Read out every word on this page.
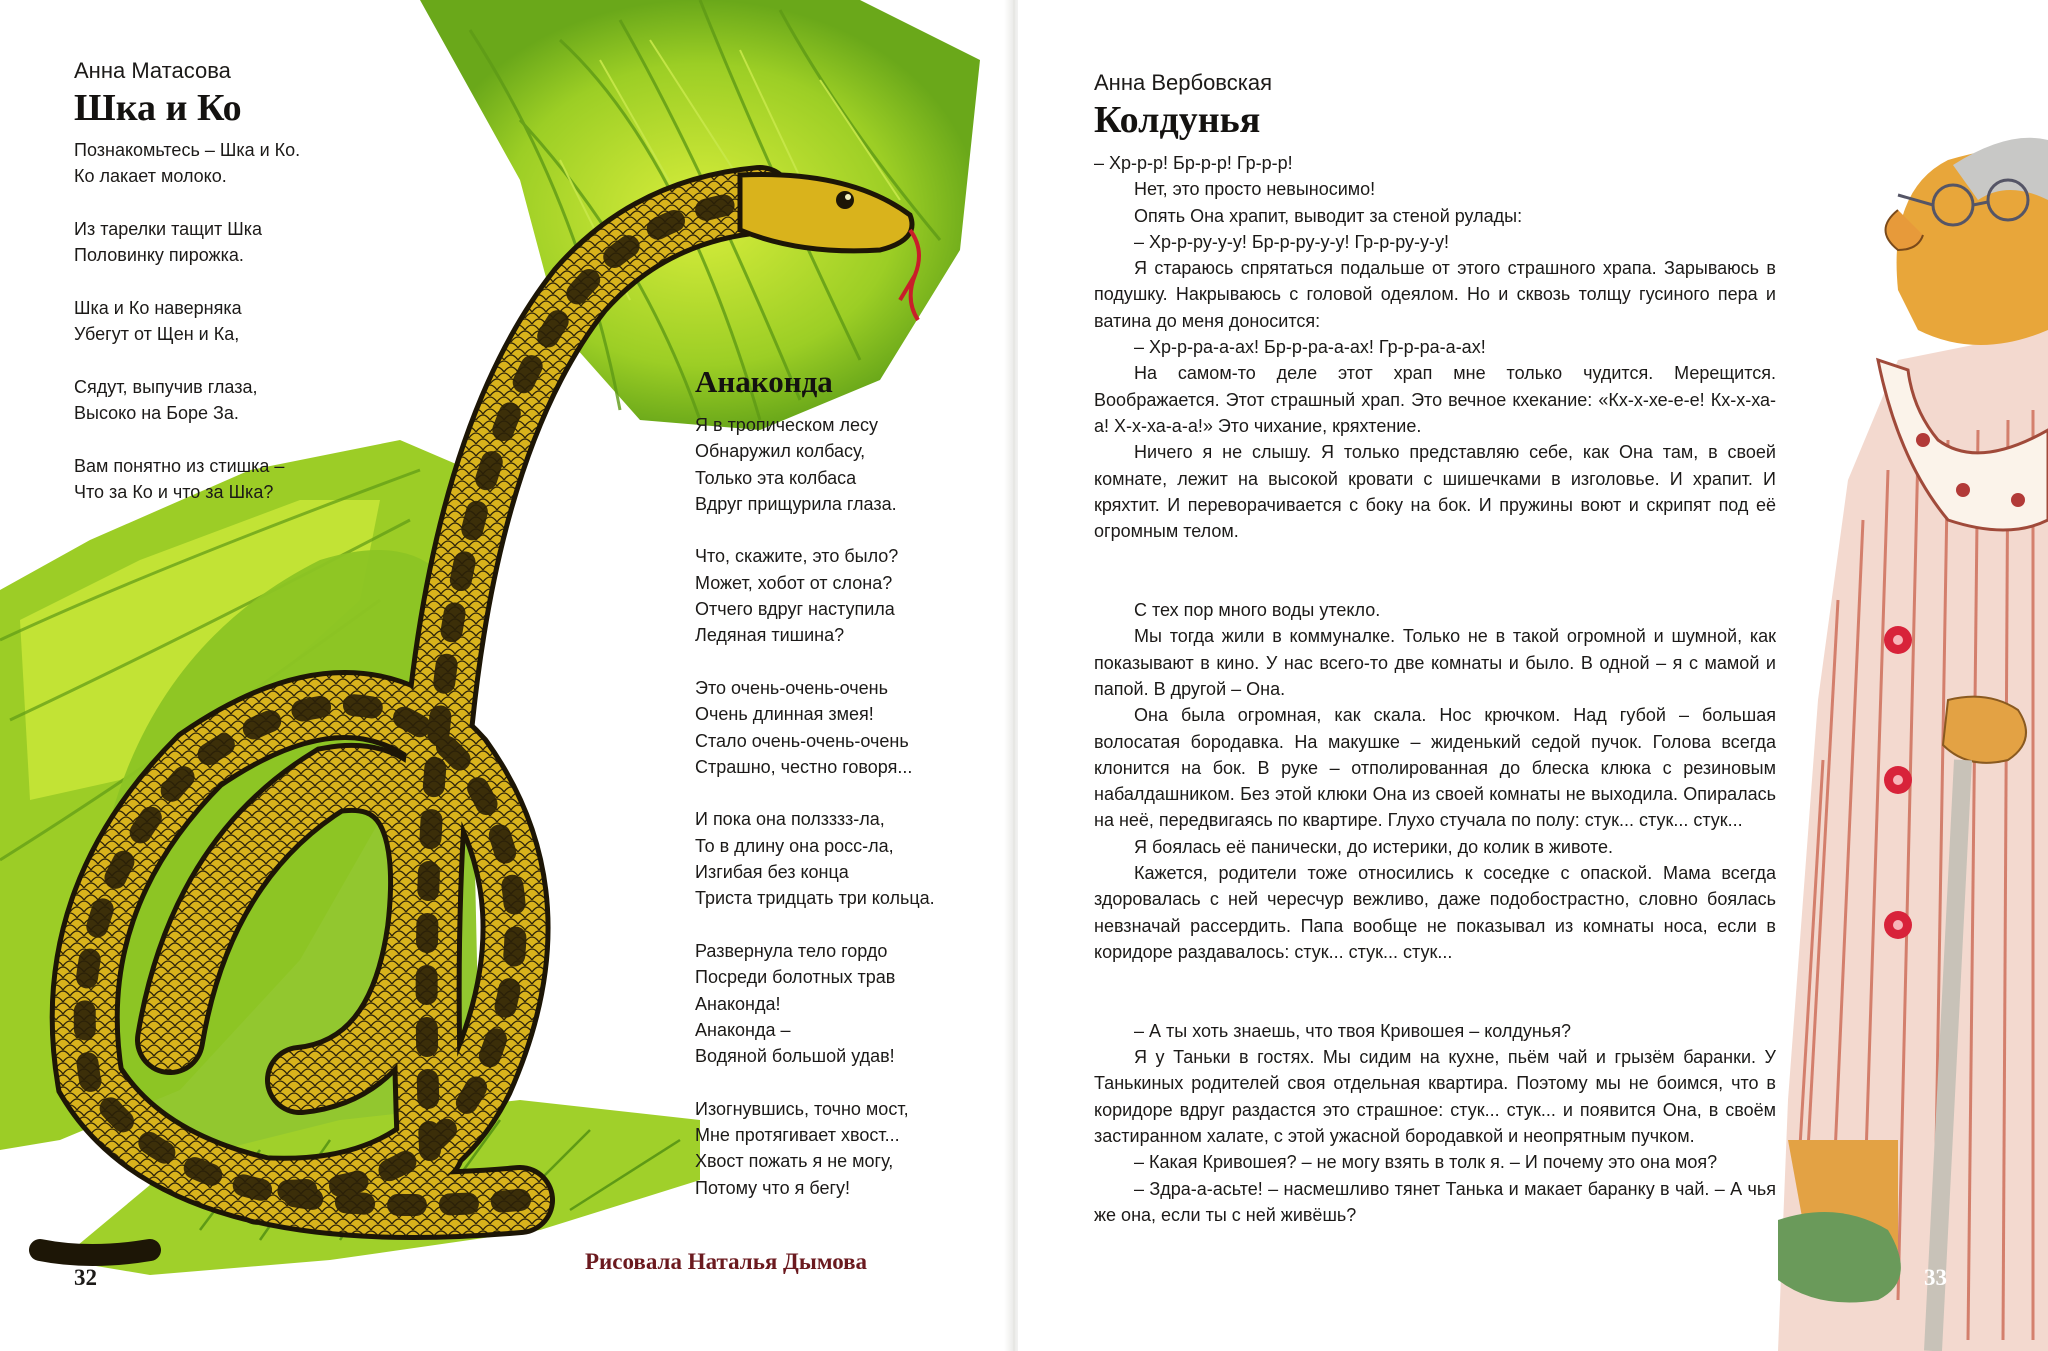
Анна Матасова
Шка и Ко
Познакомьтесь – Шка и Ко.
Ко лакает молоко.
Из тарелки тащит Шка
Половинку пирожка.
Шка и Ко наверняка
Убегут от Щен и Ка,
Сядут, выпучив глаза,
Высоко на Боре За.
Вам понятно из стишка –
Что за Ко и что за Шка?
Анаконда
Я в тропическом лесу
Обнаружил колбасу,
Только эта колбаса
Вдруг прищурила глаза.
Что, скажите, это было?
Может, хобот от слона?
Отчего вдруг наступила
Ледяная тишина?
Это очень-очень-очень
Очень длинная змея!
Стало очень-очень-очень
Страшно, честно говоря...
И пока она ползззз-ла,
То в длину она росс-ла,
Изгибая без конца
Триста тридцать три кольца.
Развернула тело гордо
Посреди болотных трав
Анаконда!
Анаконда –
Водяной большой удав!
Изогнувшись, точно мост,
Мне протягивает хвост...
Хвост пожать я не могу,
Потому что я бегу!
Рисовала Наталья Дымова
32
Анна Вербовская
Колдунья

– Хр-р-р! Бр-р-р! Гр-р-р!

Нет, это просто невыносимо!

Опять Она храпит, выводит за стеной рулады:

– Хр-р-ру-у-у! Бр-р-ру-у-у! Гр-р-ру-у-у!

Я стараюсь спрятаться подальше от этого страшного храпа. Зарываюсь в подушку. Накрываюсь с головой одеялом. Но и сквозь толщу гусиного пера и ватина до меня доносится:

– Хр-р-ра-а-ах! Бр-р-ра-а-ах! Гр-р-ра-а-ах!

На самом-то деле этот храп мне только чудится. Мерещится. Воображается. Этот страшный храп. Это вечное кхекание: «Кх-х-хе-е-е! Кх-х-ха-а! Х-х-ха-а-а!» Это чихание, кряхтение.

Ничего я не слышу. Я только представляю себе, как Она там, в своей комнате, лежит на высокой кровати с шишечками в изголовье. И храпит. И кряхтит. И переворачивается с боку на бок. И пружины воют и скрипят под её огромным телом.

С тех пор много воды утекло.

Мы тогда жили в коммуналке. Только не в такой огромной и шумной, как показывают в кино. У нас всего-то две комнаты и было. В одной – я с мамой и папой. В другой – Она.

Она была огромная, как скала. Нос крючком. Над губой – большая волосатая бородавка. На макушке – жиденький седой пучок. Голова всегда клонится на бок. В руке – отполированная до блеска клюка с резиновым набалдашником. Без этой клюки Она из своей комнаты не выходила. Опиралась на неё, передвигаясь по квартире. Глухо стучала по полу: стук... стук... стук...

Я боялась её панически, до истерики, до колик в животе.

Кажется, родители тоже относились к соседке с опаской. Мама всегда здоровалась с ней чересчур вежливо, даже подобострастно, словно боялась невзначай рассердить. Папа вообще не показывал из комнаты носа, если в коридоре раздавалось: стук... стук... стук...

– А ты хоть знаешь, что твоя Кривошея – колдунья?

Я у Таньки в гостях. Мы сидим на кухне, пьём чай и грызём баранки. У Танькиных родителей своя отдельная квартира. Поэтому мы не боимся, что в коридоре вдруг раздастся это страшное: стук... стук... и появится Она, в своём застиранном халате, с этой ужасной бородавкой и неопрятным пучком.

– Какая Кривошея? – не могу взять в толк я. – И почему это она моя?

– Здра-а-асьте! – насмешливо тянет Танька и макает баранку в чай. – А чья же она, если ты с ней живёшь?

33
